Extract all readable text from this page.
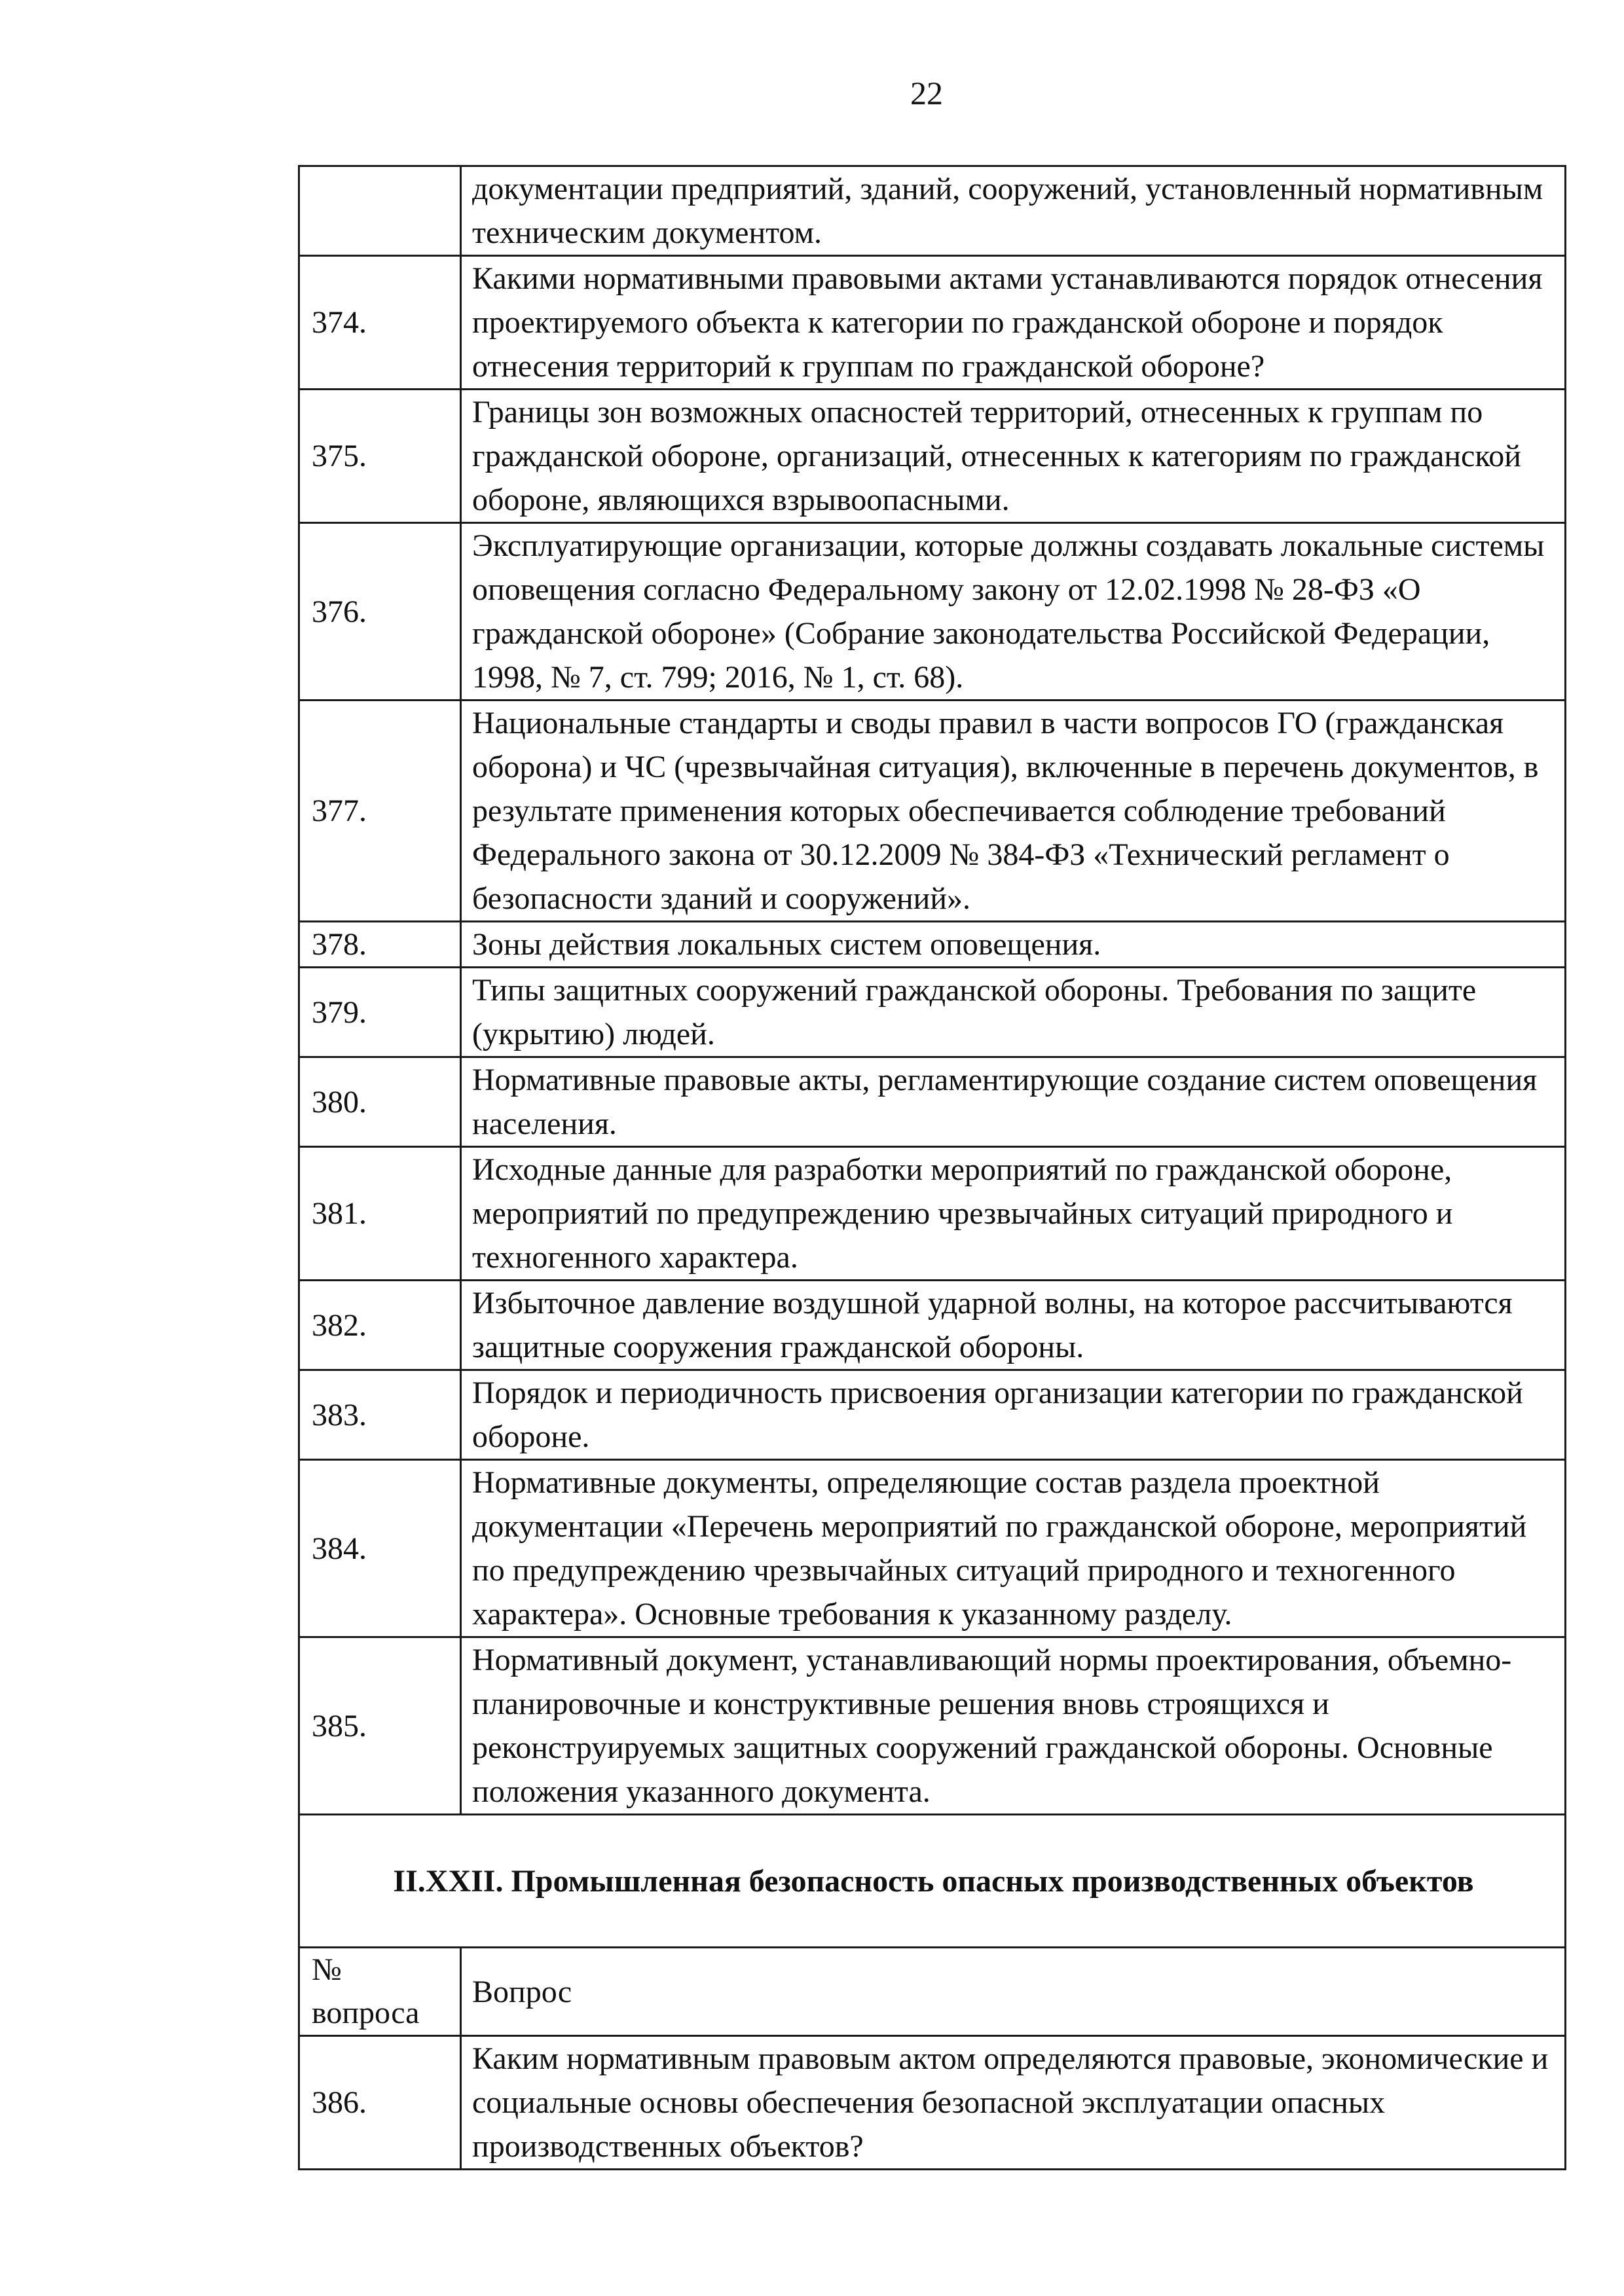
22
	документации предприятий, зданий, сооружений, установленный нормативным техническим документом.
374.	Какими нормативными правовыми актами устанавливаются порядок отнесения проектируемого объекта к категории по гражданской обороне и порядок отнесения территорий к группам по гражданской обороне?
375.	Границы зон возможных опасностей территорий, отнесенных к группам по гражданской обороне, организаций, отнесенных к категориям по гражданской обороне, являющихся взрывоопасными.
376.	Эксплуатирующие организации, которые должны создавать локальные системы оповещения согласно Федеральному закону от 12.02.1998 № 28-ФЗ «О гражданской обороне» (Собрание законодательства Российской Федерации, 1998, № 7, ст. 799; 2016, № 1, ст. 68).
377.	Национальные стандарты и своды правил в части вопросов ГО (гражданская оборона) и ЧС (чрезвычайная ситуация), включенные в перечень документов, в результате применения которых обеспечивается соблюдение требований Федерального закона от 30.12.2009 № 384-ФЗ «Технический регламент о безопасности зданий и сооружений».
378.	Зоны действия локальных систем оповещения.
379.	Типы защитных сооружений гражданской обороны. Требования по защите (укрытию) людей.
380.	Нормативные правовые акты, регламентирующие создание систем оповещения населения.
381.	Исходные данные для разработки мероприятий по гражданской обороне, мероприятий по предупреждению чрезвычайных ситуаций природного и техногенного характера.
382.	Избыточное давление воздушной ударной волны, на которое рассчитываются защитные сооружения гражданской обороны.
383.	Порядок и периодичность присвоения организации категории по гражданской обороне.
384.	Нормативные документы, определяющие состав раздела проектной документации «Перечень мероприятий по гражданской обороне, мероприятий по предупреждению чрезвычайных ситуаций природного и техногенного характера». Основные требования к указанному разделу.
385.	Нормативный документ, устанавливающий нормы проектирования, объемно-планировочные и конструктивные решения вновь строящихся и реконструируемых защитных сооружений гражданской обороны. Основные положения указанного документа.
II.XXII. Промышленная безопасность опасных производственных объектов	
№
вопроса	Вопрос
386.	Каким нормативным правовым актом определяются правовые, экономические и социальные основы обеспечения безопасной эксплуатации опасных производственных объектов?
